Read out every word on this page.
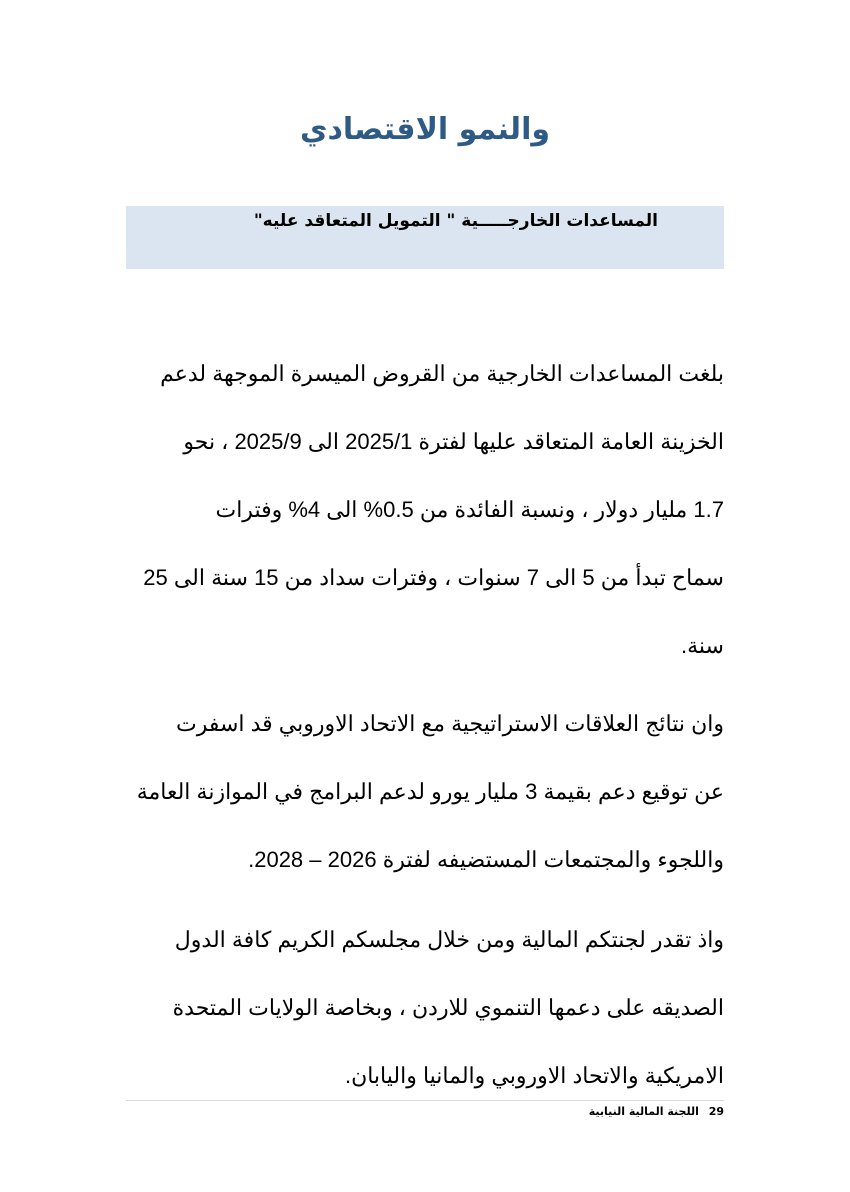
والنمو الاقتصادي

المساعدات الخارجـــــية " التمويل المتعاقد عليه"

بلغت المساعدات الخارجية من القروض الميسرة الموجهة لدعم
الخزينة العامة المتعاقد عليها لفترة 2025/1 الى 2025/9 ، نحو
1.7 مليار دولار ، ونسبة الفائدة من 0.5% الى 4% وفترات
سماح تبدأ من 5 الى 7 سنوات ، وفترات سداد من 15 سنة الى 25
سنة.

وان نتائج العلاقات الاستراتيجية مع الاتحاد الاوروبي قد اسفرت
عن توقيع دعم بقيمة 3 مليار يورو لدعم البرامج في الموازنة العامة
واللجوء والمجتمعات المستضيفه لفترة 2026 – 2028.

واذ تقدر لجنتكم المالية ومن خلال مجلسكم الكريم كافة الدول
الصديقه على دعمها التنموي للاردن ، وبخاصة الولايات المتحدة
الامريكية والاتحاد الاوروبي والمانيا واليابان.

29 اللجنة المالية النيابية
